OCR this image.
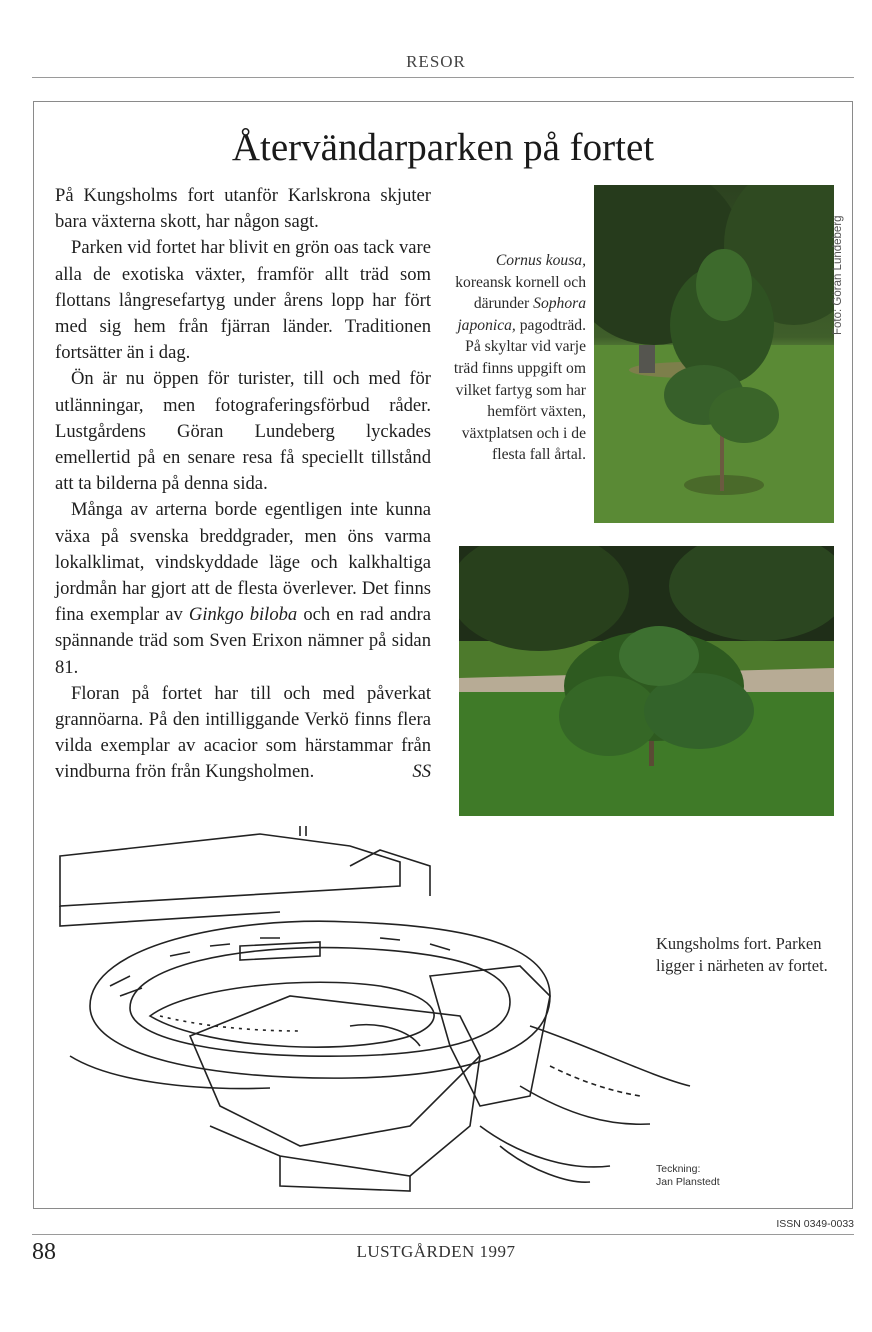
RESOR
Återvändarparken på fortet

På Kungsholms fort utanför Karlskrona skjuter bara växterna skott, har någon sagt.

Parken vid fortet har blivit en grön oas tack vare alla de exotiska växter, framför allt träd som flottans långresefartyg under årens lopp har fört med sig hem från fjärran länder. Traditionen fortsätter än i dag.

Ön är nu öppen för turister, till och med för utlänningar, men fotograferingsförbud råder. Lustgårdens Göran Lundeberg lyckades emellertid på en senare resa få speciellt tillstånd att ta bilderna på denna sida.

Många av arterna borde egentligen inte kunna växa på svenska breddgrader, men öns varma lokalklimat, vindskyddade läge och kalkhaltiga jordmån har gjort att de flesta överlever. Det finns fina exemplar av Ginkgo biloba och en rad andra spännande träd som Sven Erixon nämner på sidan 81.

Floran på fortet har till och med påverkat grannöarna. På den intilliggande Verkö finns flera vilda exemplar av acacior som härstammar från vindburna frön från Kungsholmen.	SS

Cornus kousa, koreansk kornell och därunder Sophora japonica, pagodträd. På skyltar vid varje träd finns uppgift om vilket fartyg som har hemfört växten, växtplatsen och i de flesta fall årtal.
Foto: Göran Lundeberg
Kungsholms fort. Parken ligger i närheten av fortet.
Teckning:
Jan Planstedt
ISSN 0349-0033
88	LUSTGÅRDEN 1997
